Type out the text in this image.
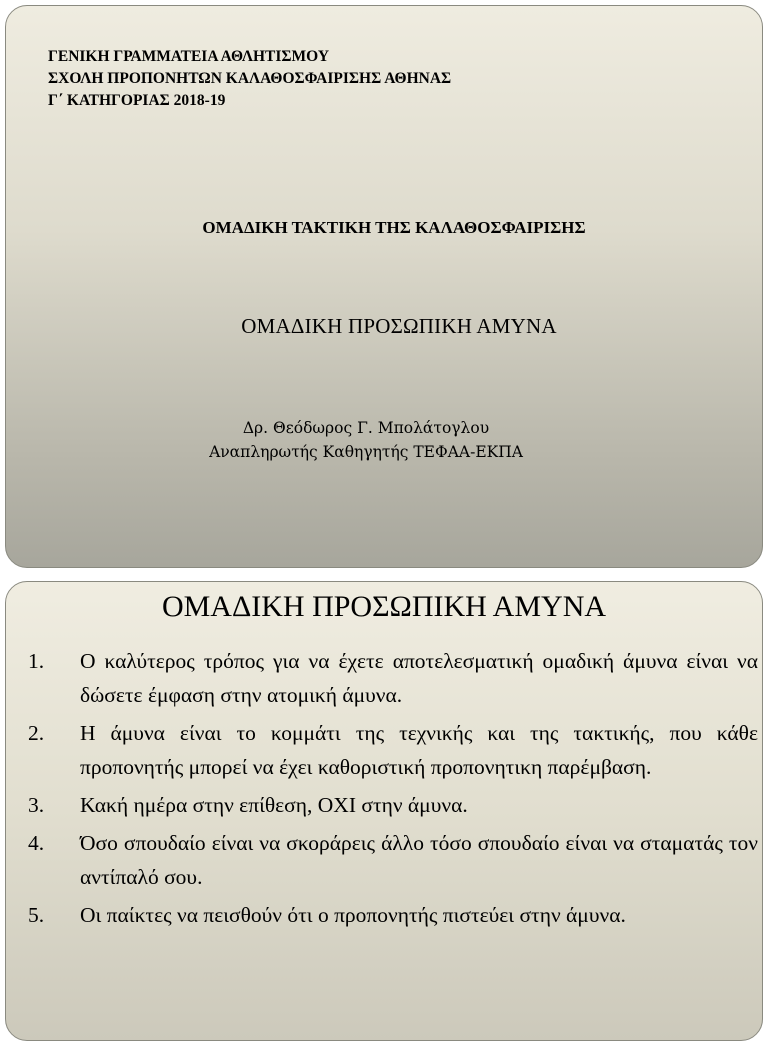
ΓΕΝΙΚΗ ΓΡΑΜΜΑΤΕΙΑ ΑΘΛΗΤΙΣΜΟΥ
ΣΧΟΛΗ ΠΡΟΠΟΝΗΤΩΝ ΚΑΛΑΘΟΣΦΑΙΡΙΣΗΣ ΑΘΗΝΑΣ
Γ΄ ΚΑΤΗΓΟΡΙΑΣ 2018-19
ΟΜΑΔΙΚΗ ΤΑΚΤΙΚΗ ΤΗΣ ΚΑΛΑΘΟΣΦΑΙΡΙΣΗΣ
ΟΜΑΔΙΚΗ ΠΡΟΣΩΠΙΚΗ ΑΜΥΝΑ
Δρ. Θεόδωρος Γ. Μπολάτογλου
Αναπληρωτής Καθηγητής ΤΕΦΑΑ-ΕΚΠΑ
ΟΜΑΔΙΚΗ ΠΡΟΣΩΠΙΚΗ ΑΜΥΝΑ
1. Ο καλύτερος τρόπος για να έχετε αποτελεσματική ομαδική άμυνα είναι να δώσετε έμφαση στην ατομική άμυνα.
2. Η άμυνα είναι το κομμάτι της τεχνικής και της τακτικής, που κάθε προπονητής μπορεί να έχει καθοριστική προπονητικη παρέμβαση.
3. Κακή ημέρα στην επίθεση, ΟΧΙ στην άμυνα.
4. Όσο σπουδαίο είναι να σκοράρεις άλλο τόσο σπουδαίο είναι να σταματάς τον αντίπαλό σου.
5. Οι παίκτες να πεισθούν ότι ο προπονητής πιστεύει στην άμυνα.
